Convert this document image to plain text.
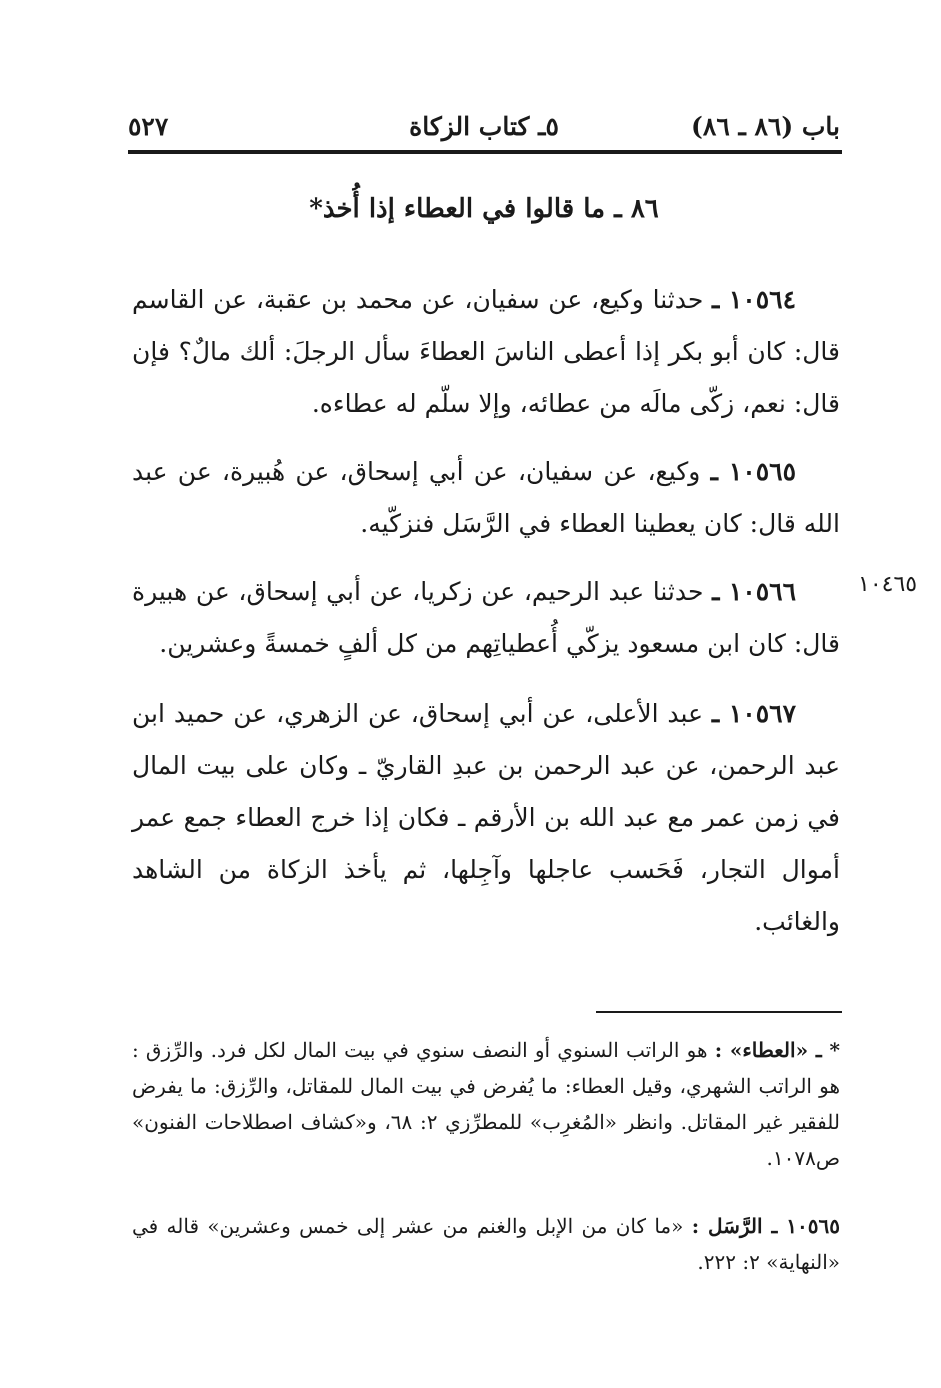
باب (٨٦ ـ ٨٦)
٥ـ كتاب الزكاة
٥٢٧
٨٦ ـ ما قالوا في العطاء إذا أُخذ*
١٠٥٦٤ ـ حدثنا وكيع، عن سفيان، عن محمد بن عقبة، عن القاسم قال: كان أبو بكر إذا أعطى الناسَ العطاءَ سأل الرجلَ: ألك مالٌ؟ فإن قال: نعم، زكّى مالَه من عطائه، وإلا سلّم له عطاءه.
١٠٥٦٥ ـ وكيع، عن سفيان، عن أبي إسحاق، عن هُبيرة، عن عبد الله قال: كان يعطينا العطاء في الرَّسَل فنزكّيه.
١٠٤٦٥
١٠٥٦٦ ـ حدثنا عبد الرحيم، عن زكريا، عن أبي إسحاق، عن هبيرة قال: كان ابن مسعود يزكّي أُعطياتِهم من كل ألفٍ خمسةً وعشرين.
١٠٥٦٧ ـ عبد الأعلى، عن أبي إسحاق، عن الزهري، عن حميد ابن عبد الرحمن، عن عبد الرحمن بن عبدِ القاريّ ـ وكان على بيت المال في زمن عمر مع عبد الله بن الأرقم ـ فكان إذا خرج العطاء جمع عمر أموال التجار، فَحَسب عاجلها وآجِلها، ثم يأخذ الزكاة من الشاهد والغائب.
* ـ «العطاء» : هو الراتب السنوي أو النصف سنوي في بيت المال لكل فرد. والرِّزق : هو الراتب الشهري، وقيل العطاء: ما يُفرض في بيت المال للمقاتل، والرِّزق: ما يفرض للفقير غير المقاتل. وانظر «المُغرِب» للمطرِّزي ٢: ٦٨، و«كشاف اصطلاحات الفنون» ص١٠٧٨.
١٠٥٦٥ ـ الرَّسَل : «ما كان من الإبل والغنم من عشر إلى خمس وعشرين» قاله في «النهاية» ٢: ٢٢٢.
